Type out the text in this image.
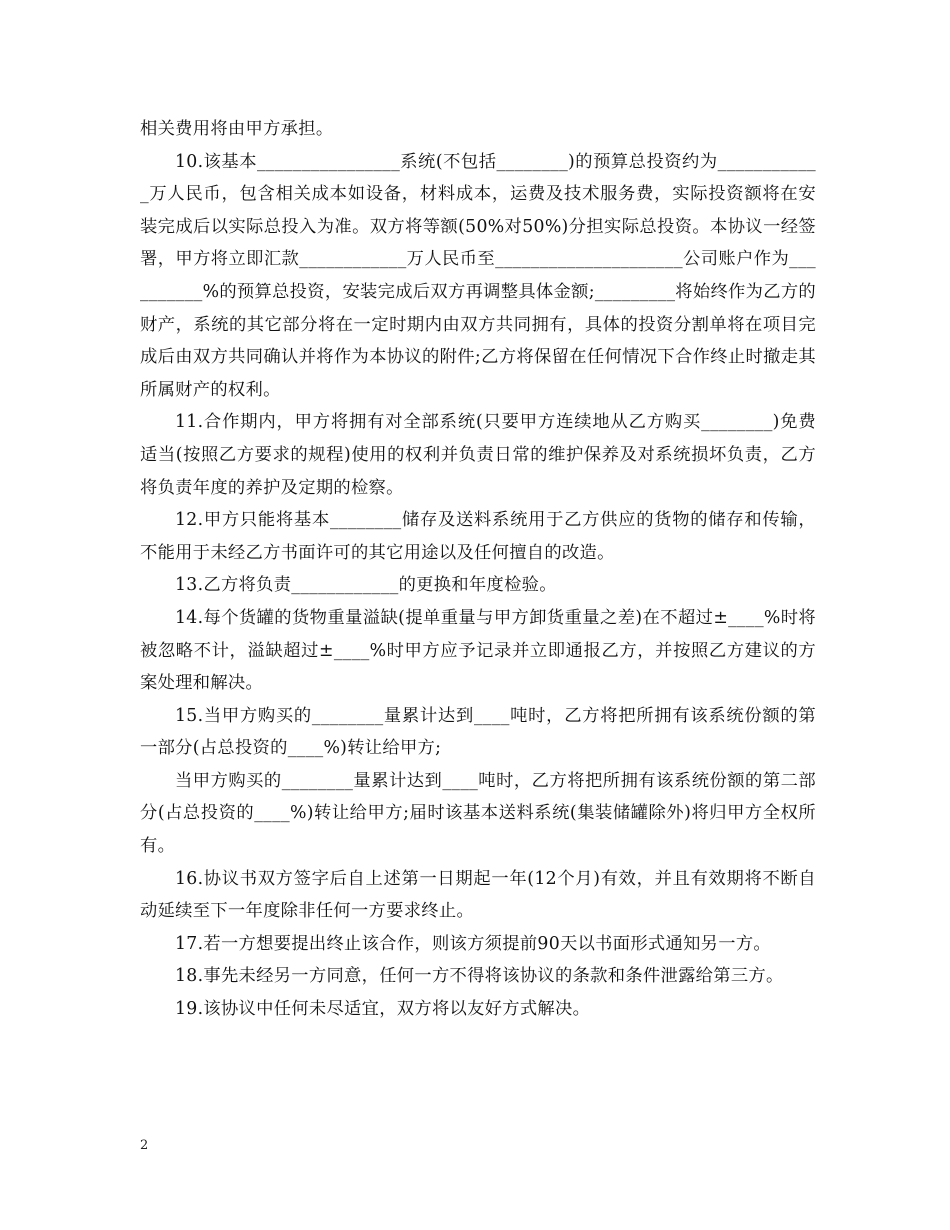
相关费用将由甲方承担。

10.该基本________________系统(不包括________)的预算总投资约为____________万人民币，包含相关成本如设备，材料成本，运费及技术服务费，实际投资额将在安装完成后以实际总投入为准。双方将等额(50%对50%)分担实际总投资。本协议一经签署，甲方将立即汇款____________万人民币至_____________________公司账户作为__________%的预算总投资，安装完成后双方再调整具体金额;_________将始终作为乙方的财产，系统的其它部分将在一定时期内由双方共同拥有，具体的投资分割单将在项目完成后由双方共同确认并将作为本协议的附件;乙方将保留在任何情况下合作终止时撤走其所属财产的权利。

11.合作期内，甲方将拥有对全部系统(只要甲方连续地从乙方购买________)免费适当(按照乙方要求的规程)使用的权利并负责日常的维护保养及对系统损坏负责，乙方将负责年度的养护及定期的检察。

12.甲方只能将基本________储存及送料系统用于乙方供应的货物的储存和传输，不能用于未经乙方书面许可的其它用途以及任何擅自的改造。

13.乙方将负责____________的更换和年度检验。

14.每个货罐的货物重量溢缺(提单重量与甲方卸货重量之差)在不超过±____%时将被忽略不计，溢缺超过±____%时甲方应予记录并立即通报乙方，并按照乙方建议的方案处理和解决。

15.当甲方购买的________量累计达到____吨时，乙方将把所拥有该系统份额的第一部分(占总投资的____%)转让给甲方;

当甲方购买的________量累计达到____吨时，乙方将把所拥有该系统份额的第二部分(占总投资的____%)转让给甲方;届时该基本送料系统(集装储罐除外)将归甲方全权所有。

16.协议书双方签字后自上述第一日期起一年(12个月)有效，并且有效期将不断自动延续至下一年度除非任何一方要求终止。

17.若一方想要提出终止该合作，则该方须提前90天以书面形式通知另一方。

18.事先未经另一方同意，任何一方不得将该协议的条款和条件泄露给第三方。

19.该协议中任何未尽适宜，双方将以友好方式解决。

2
